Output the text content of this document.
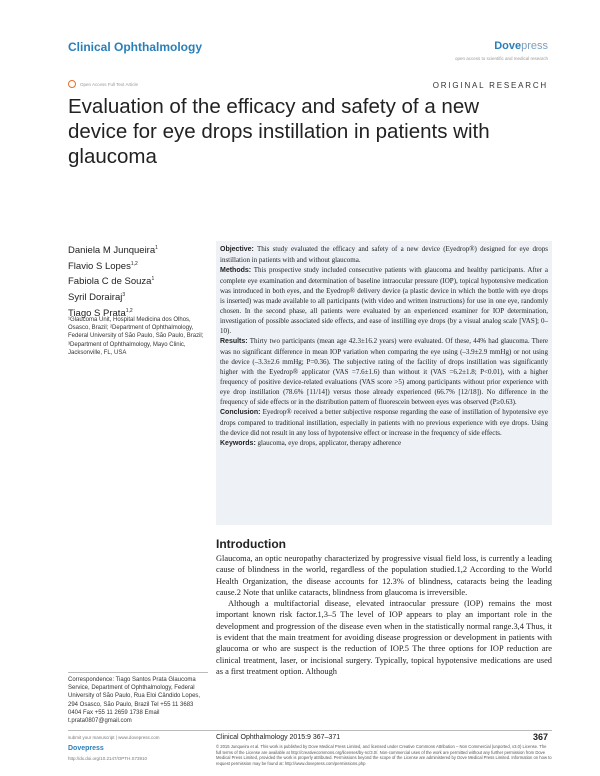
Clinical Ophthalmology	Dovepress
open access to scientific and medical research
Open Access Full Text Article	ORIGINAL RESEARCH
Evaluation of the efficacy and safety of a new device for eye drops instillation in patients with glaucoma
Daniela M Junqueira$^1$
Flavio S Lopes$^{1,2}$
Fabiola C de Souza$^1$
Syril Dorairaj$^3$
Tiago S Prata$^{1,2}$
¹Glaucoma Unit, Hospital Medicina dos Olhos, Osasco, Brazil; ²Department of Ophthalmology, Federal University of São Paulo, São Paulo, Brazil; ³Department of Ophthalmology, Mayo Clinic, Jacksonville, FL, USA

Objective: This study evaluated the efficacy and safety of a new device (Eyedrop®) designed for eye drops instillation in patients with and without glaucoma.

Methods: This prospective study included consecutive patients with glaucoma and healthy participants. After a complete eye examination and determination of baseline intraocular pressure (IOP), topical hypotensive medication was introduced in both eyes, and the Eyedrop® delivery device (a plastic device in which the bottle with eye drops is inserted) was made available to all participants (with video and written instructions) for use in one eye, randomly chosen. In the second phase, all patients were evaluated by an experienced examiner for IOP determination, investigation of possible associated side effects, and ease of instilling eye drops (by a visual analog scale [VAS]; 0–10).

Results: Thirty two participants (mean age 42.3±16.2 years) were evaluated. Of these, 44% had glaucoma. There was no significant difference in mean IOP variation when comparing the eye using (–3.9±2.9 mmHg) or not using the device (–3.3±2.6 mmHg; P=0.36). The subjective rating of the facility of drops instillation was significantly higher with the Eyedrop® applicator (VAS =7.6±1.6) than without it (VAS =6.2±1.8; P<0.01), with a higher frequency of positive device-related evaluations (VAS score >5) among participants without prior experience with eye drop instillation (78.6% [11/14]) versus those already experienced (66.7% [12/18]). No difference in the frequency of side effects or in the distribution pattern of fluorescein between eyes was observed (P≥0.63).

Conclusion: Eyedrop® received a better subjective response regarding the ease of instillation of hypotensive eye drops compared to traditional instillation, especially in patients with no previous experience with eye drops. Using the device did not result in any loss of hypotensive effect or increase in the frequency of side effects.

Keywords: glaucoma, eye drops, applicator, therapy adherence

Introduction

Glaucoma, an optic neuropathy characterized by progressive visual field loss, is currently a leading cause of blindness in the world, regardless of the population studied.1,2 According to the World Health Organization, the disease accounts for 12.3% of blindness, cataracts being the leading cause.2 Note that unlike cataracts, blindness from glaucoma is irreversible.

Although a multifactorial disease, elevated intraocular pressure (IOP) remains the most important known risk factor.1,3–5 The level of IOP appears to play an important role in the development and progression of the disease even when in the statistically normal range.3,4 Thus, it is evident that the main treatment for avoiding disease progression or development in patients with glaucoma or who are suspect is the reduction of IOP.5 The three options for IOP reduction are clinical treatment, laser, or incisional surgery. Typically, topical hypotensive medications are used as a first treatment option. Although

Correspondence: Tiago Santos Prata Glaucoma Service, Department of Ophthalmology, Federal University of São Paulo, Rua Eloi Cândido Lopes, 294 Osasco, São Paulo, Brazil Tel +55 11 3683 0404 Fax +55 11 2659 1738 Email t.prata0807@gmail.com
submit your manuscript | www.dovepress.com
Dovepress
http://dx.doi.org/10.2147/OPTH.S73910
Clinical Ophthalmology 2015:9 367–371	367
© 2015 Junqueira et al. This work is published by Dove Medical Press Limited, and licensed under Creative Commons Attribution – Non Commercial (unported, v3.0) License. The full terms of the License are available at http://creativecommons.org/licenses/by-nc/3.0/. Non-commercial uses of the work are permitted without any further permission from Dove Medical Press Limited, provided the work is properly attributed. Permissions beyond the scope of the License are administered by Dove Medical Press Limited. Information on how to request permission may be found at: http://www.dovepress.com/permissions.php
